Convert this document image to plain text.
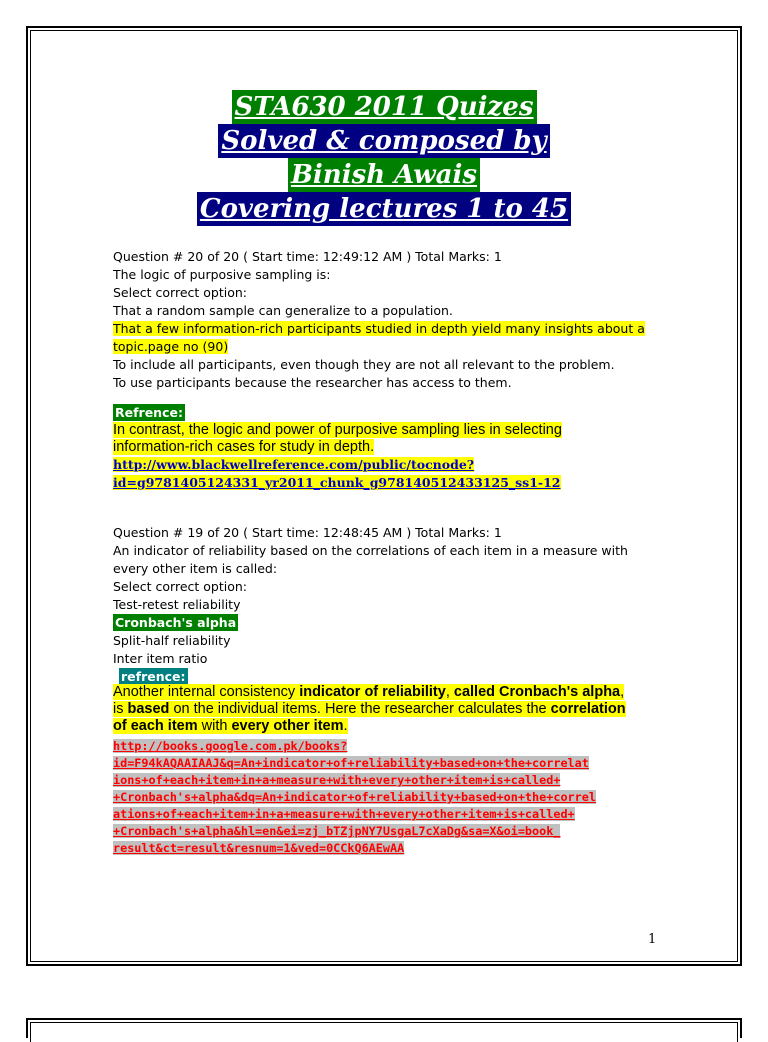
STA630 2011 Quizes
Solved & composed by
Binish Awais
Covering lectures 1 to 45
Question # 20 of 20 ( Start time: 12:49:12 AM ) Total Marks: 1
The logic of purposive sampling is:
Select correct option:
That a random sample can generalize to a population.
That a few information-rich participants studied in depth yield many insights about a
topic.page no (90)
To include all participants, even though they are not all relevant to the problem.
To use participants because the researcher has access to them.
Refrence:
In contrast, the logic and power of purposive sampling lies in selecting
information-rich cases for study in depth.
http://www.blackwellreference.com/public/tocnode?
id=g9781405124331_yr2011_chunk_g978140512433125_ss1-12
Question # 19 of 20 ( Start time: 12:48:45 AM ) Total Marks: 1
An indicator of reliability based on the correlations of each item in a measure with
every other item is called:
Select correct option:
Test-retest reliability
Cronbach's alpha
Split-half reliability
Inter item ratio
refrence:
Another internal consistency indicator of reliability, called Cronbach's alpha,
is based on the individual items. Here the researcher calculates the correlation
of each item with every other item.
http://books.google.com.pk/books?
id=F94kAQAAIAAJ&q=An+indicator+of+reliability+based+on+the+correlat
ions+of+each+item+in+a+measure+with+every+other+item+is+called+
+Cronbach's+alpha&dq=An+indicator+of+reliability+based+on+the+correl
ations+of+each+item+in+a+measure+with+every+other+item+is+called+
+Cronbach's+alpha&hl=en&ei=zj_bTZjpNY7UsgaL7cXaDg&sa=X&oi=book_
result&ct=result&resnum=1&ved=0CCkQ6AEwAA
1
